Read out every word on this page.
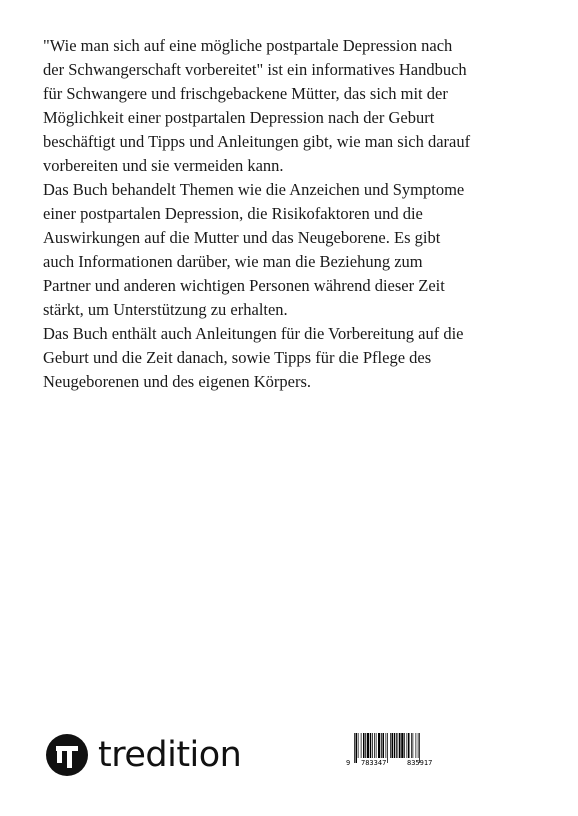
"Wie man sich auf eine mögliche postpartale Depression nach

der Schwangerschaft vorbereitet" ist ein informatives Handbuch

für Schwangere und frischgebackene Mütter, das sich mit der

Möglichkeit einer postpartalen Depression nach der Geburt

beschäftigt und Tipps und Anleitungen gibt, wie man sich darauf

vorbereiten und sie vermeiden kann.

Das Buch behandelt Themen wie die Anzeichen und Symptome

einer postpartalen Depression, die Risikofaktoren und die

Auswirkungen auf die Mutter und das Neugeborene. Es gibt

auch Informationen darüber, wie man die Beziehung zum

Partner und anderen wichtigen Personen während dieser Zeit

stärkt, um Unterstützung zu erhalten.

Das Buch enthält auch Anleitungen für die Vorbereitung auf die

Geburt und die Zeit danach, sowie Tipps für die Pflege des

Neugeborenen und des eigenen Körpers.

tredition	9 783347	835917
